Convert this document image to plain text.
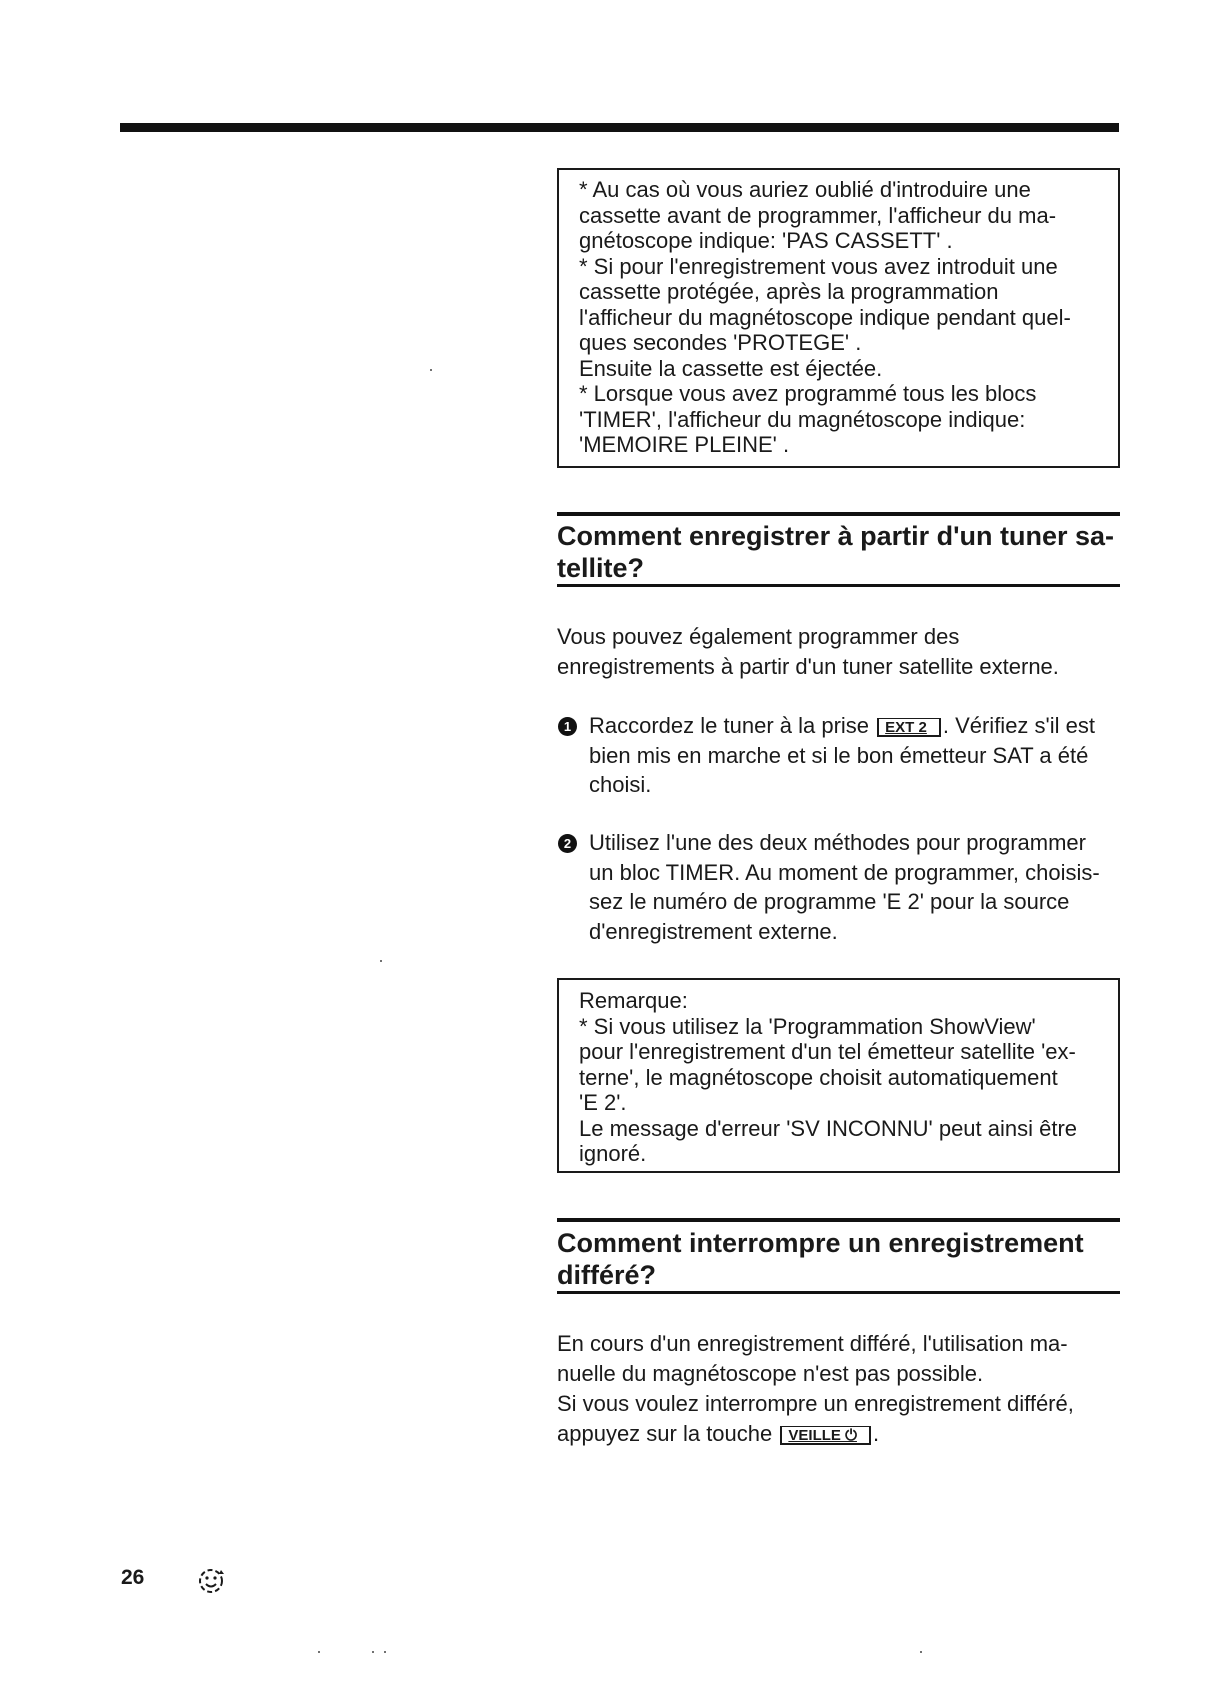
* Au cas où vous auriez oublié d'introduire une
cassette avant de programmer, l'afficheur du ma-
gnétoscope indique: 'PAS CASSETT' .
* Si pour l'enregistrement vous avez introduit une
cassette protégée, après la programmation
l'afficheur du magnétoscope indique pendant quel-
ques secondes 'PROTEGE' .
Ensuite la cassette est éjectée.
* Lorsque vous avez programmé tous les blocs
'TIMER', l'afficheur du magnétoscope indique:
'MEMOIRE PLEINE' .
Comment enregistrer à partir d'un tuner sa-
tellite?
Vous pouvez également programmer des
enregistrements à partir d'un tuner satellite externe.
1 Raccordez le tuner à la prise EXT 2 . Vérifiez s'il est
bien mis en marche et si le bon émetteur SAT a été
choisi.
2 Utilisez l'une des deux méthodes pour programmer
un bloc TIMER. Au moment de programmer, choisis-
sez le numéro de programme 'E 2' pour la source
d'enregistrement externe.
Remarque:
* Si vous utilisez la 'Programmation ShowView'
pour l'enregistrement d'un tel émetteur satellite 'ex-
terne', le magnétoscope choisit automatiquement
'E 2'.
Le message d'erreur 'SV INCONNU' peut ainsi être
ignoré.
Comment interrompre un enregistrement
différé?
En cours d'un enregistrement différé, l'utilisation ma-
nuelle du magnétoscope n'est pas possible.
Si vous voulez interrompre un enregistrement différé,
appuyez sur la touche VEILLE ⏻ .
26
